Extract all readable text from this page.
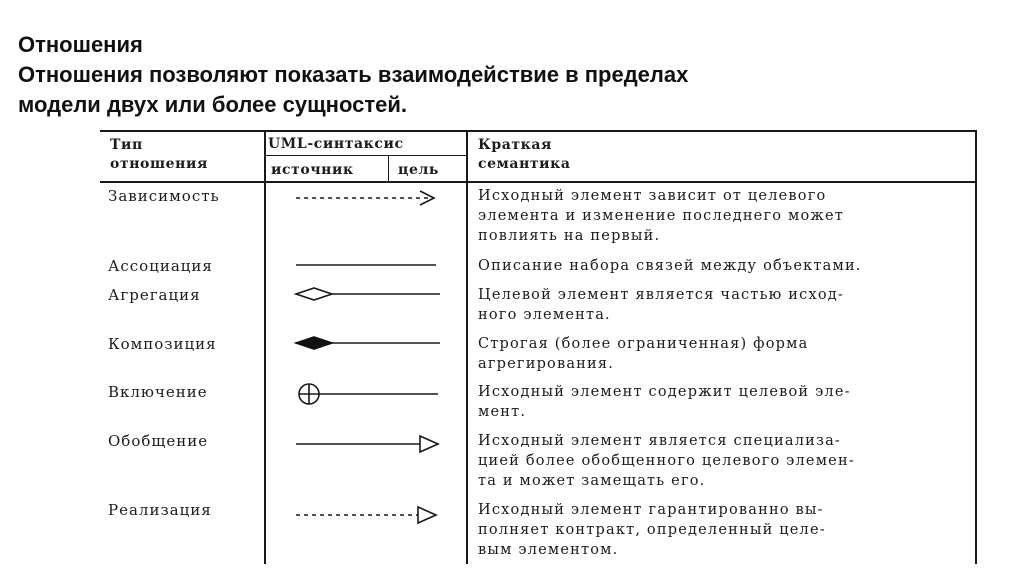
Отношения
Отношения позволяют показать взаимодействие в пределах
модели двух или более сущностей.
Тип
отношения
UML-синтаксис
источник	цель
Краткая
семантика
Зависимость
Ассоциация
Агрегация
Композиция
Включение
Обобщение
Реализация
Исходный элемент зависит от целевого
элемента и изменение последнего может
повлиять на первый.
Описание набора связей между объектами.
Целевой элемент является частью исход-
ного элемента.
Строгая (более ограниченная) форма
агрегирования.
Исходный элемент содержит целевой эле-
мент.
Исходный элемент является специализа-
цией более обобщенного целевого элемен-
та и может замещать его.
Исходный элемент гарантированно вы-
полняет контракт, определенный целе-
вым элементом.
